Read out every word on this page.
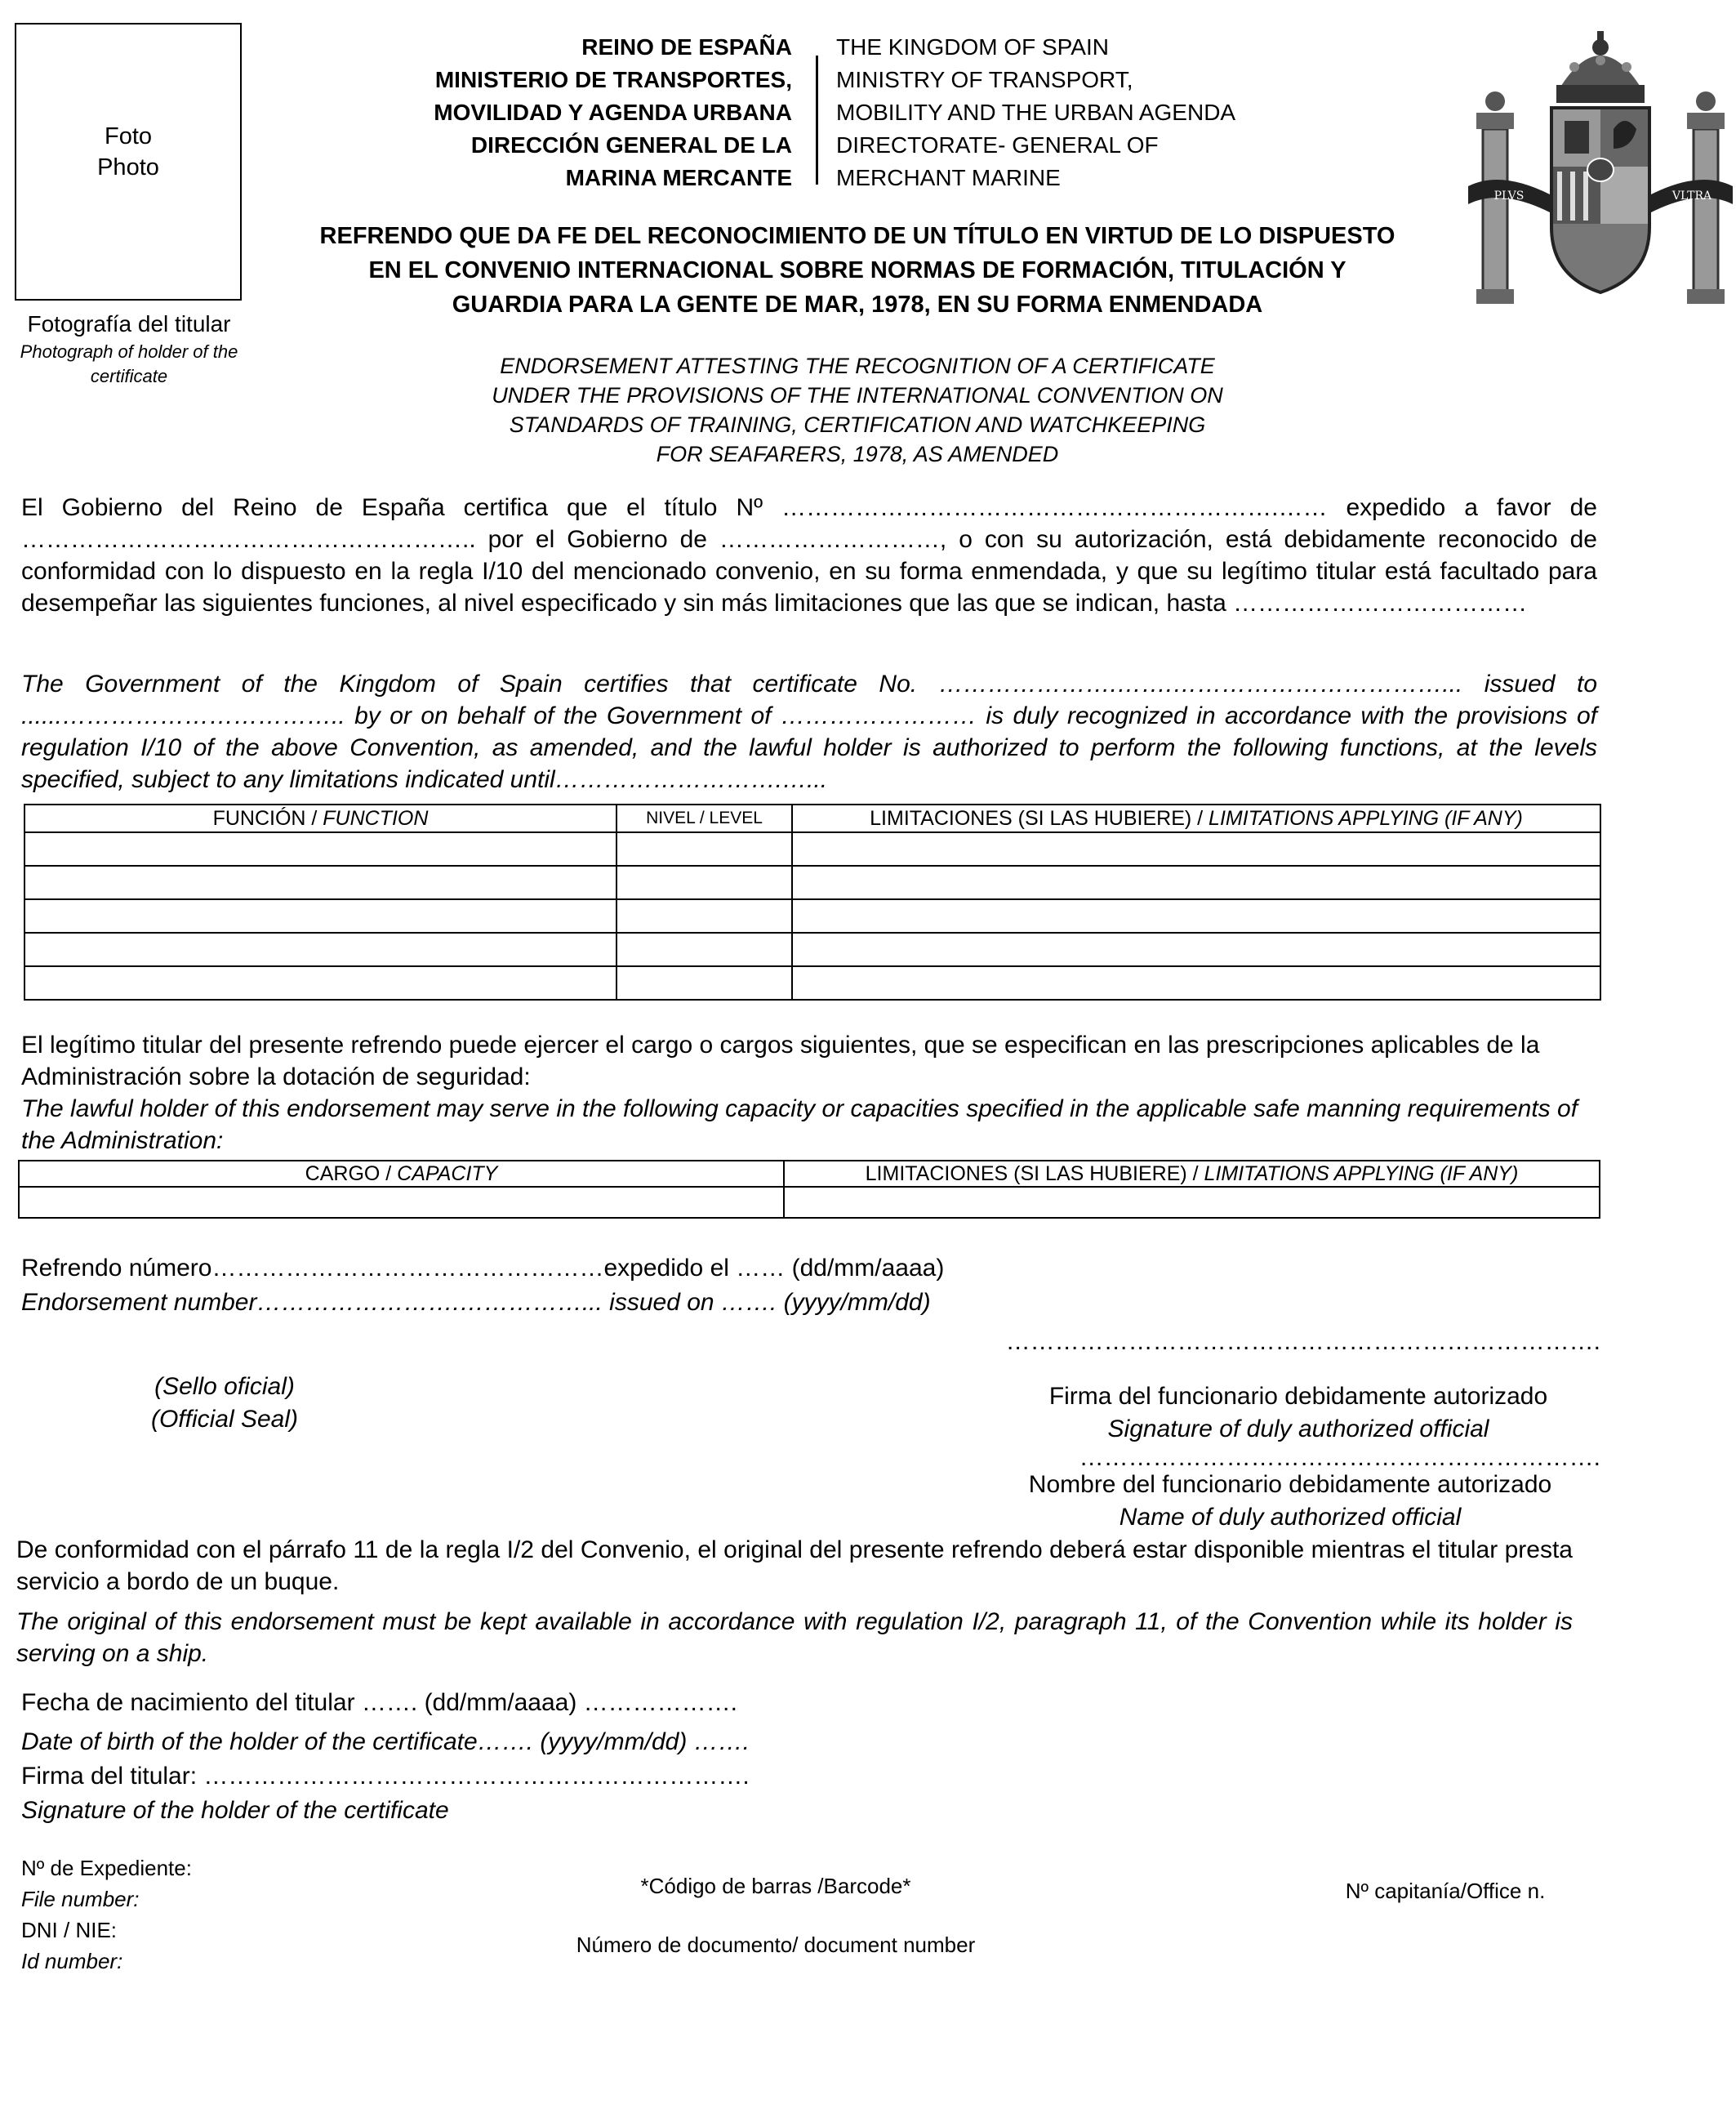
Foto
Photo
Fotografía del titular
Photograph of holder of the certificate
REINO DE ESPAÑA
MINISTERIO DE TRANSPORTES,
MOVILIDAD Y AGENDA URBANA
DIRECCIÓN GENERAL DE LA
MARINA MERCANTE
THE KINGDOM OF SPAIN
MINISTRY OF TRANSPORT,
MOBILITY AND THE URBAN AGENDA
DIRECTORATE- GENERAL OF
MERCHANT MARINE
PLVS	VLTRA
REFRENDO QUE DA FE DEL RECONOCIMIENTO DE UN TÍTULO EN VIRTUD DE LO DISPUESTO
EN EL CONVENIO INTERNACIONAL SOBRE NORMAS DE FORMACIÓN, TITULACIÓN Y
GUARDIA PARA LA GENTE DE MAR, 1978, EN SU FORMA ENMENDADA
ENDORSEMENT ATTESTING THE RECOGNITION OF A CERTIFICATE
UNDER THE PROVISIONS OF THE INTERNATIONAL CONVENTION ON
STANDARDS OF TRAINING, CERTIFICATION AND WATCHKEEPING
FOR SEAFARERS, 1978, AS AMENDED
El Gobierno del Reino de España certifica que el título Nº …………………………………………………….…… expedido a favor de ……………………………………………….. por el Gobierno de ………………………, o con su autorización, está debidamente reconocido de conformidad con lo dispuesto en la regla I/10 del mencionado convenio, en su forma enmendada, y que su legítimo titular está facultado para desempeñar las siguientes funciones, al nivel especificado y sin más limitaciones que las que se indican, hasta ………………………………
The Government of the Kingdom of Spain certifies that certificate No. ………………….…….……………………………... issued to ......…………………………….. by or on behalf of the Government of …………………… is duly recognized in accordance with the provisions of regulation I/10 of the above Convention, as amended, and the lawful holder is authorized to perform the following functions, at the levels specified, subject to any limitations indicated until……………………….…...
FUNCIÓN / FUNCTION	NIVEL / LEVEL	LIMITACIONES (SI LAS HUBIERE) / LIMITATIONS APPLYING (IF ANY)

El legítimo titular del presente refrendo puede ejercer el cargo o cargos siguientes, que se especifican en las prescripciones aplicables de la Administración sobre la dotación de seguridad:
The lawful holder of this endorsement may serve in the following capacity or capacities specified in the applicable safe manning requirements of the Administration:
CARGO / CAPACITY	LIMITACIONES (SI LAS HUBIERE) / LIMITATIONS APPLYING (IF ANY)

Refrendo número…………………………………………expedido el …… (dd/mm/aaaa)
Endorsement number…………………….……………... issued on ……. (yyyy/mm/dd)
……………………………………………………………….
(Sello oficial)
(Official Seal)
Firma del funcionario debidamente autorizado
Signature of duly authorized official
……………………………………………………….
Nombre del funcionario debidamente autorizado
Name of duly authorized official
De conformidad con el párrafo 11 de la regla I/2 del Convenio, el original del presente refrendo deberá estar disponible mientras el titular presta servicio a bordo de un buque.
The original of this endorsement must be kept available in accordance with regulation I/2, paragraph 11, of the Convention while its holder is serving on a ship.
Fecha de nacimiento del titular ……. (dd/mm/aaaa) ……………….
Date of birth of the holder of the certificate……. (yyyy/mm/dd) …….
Firma del titular: ………………………………………………………….
Signature of the holder of the certificate
Nº de Expediente:
File number:
DNI / NIE:
Id number:
*Código de barras /Barcode*
Número de documento/ document number
Nº capitanía/Office n.
